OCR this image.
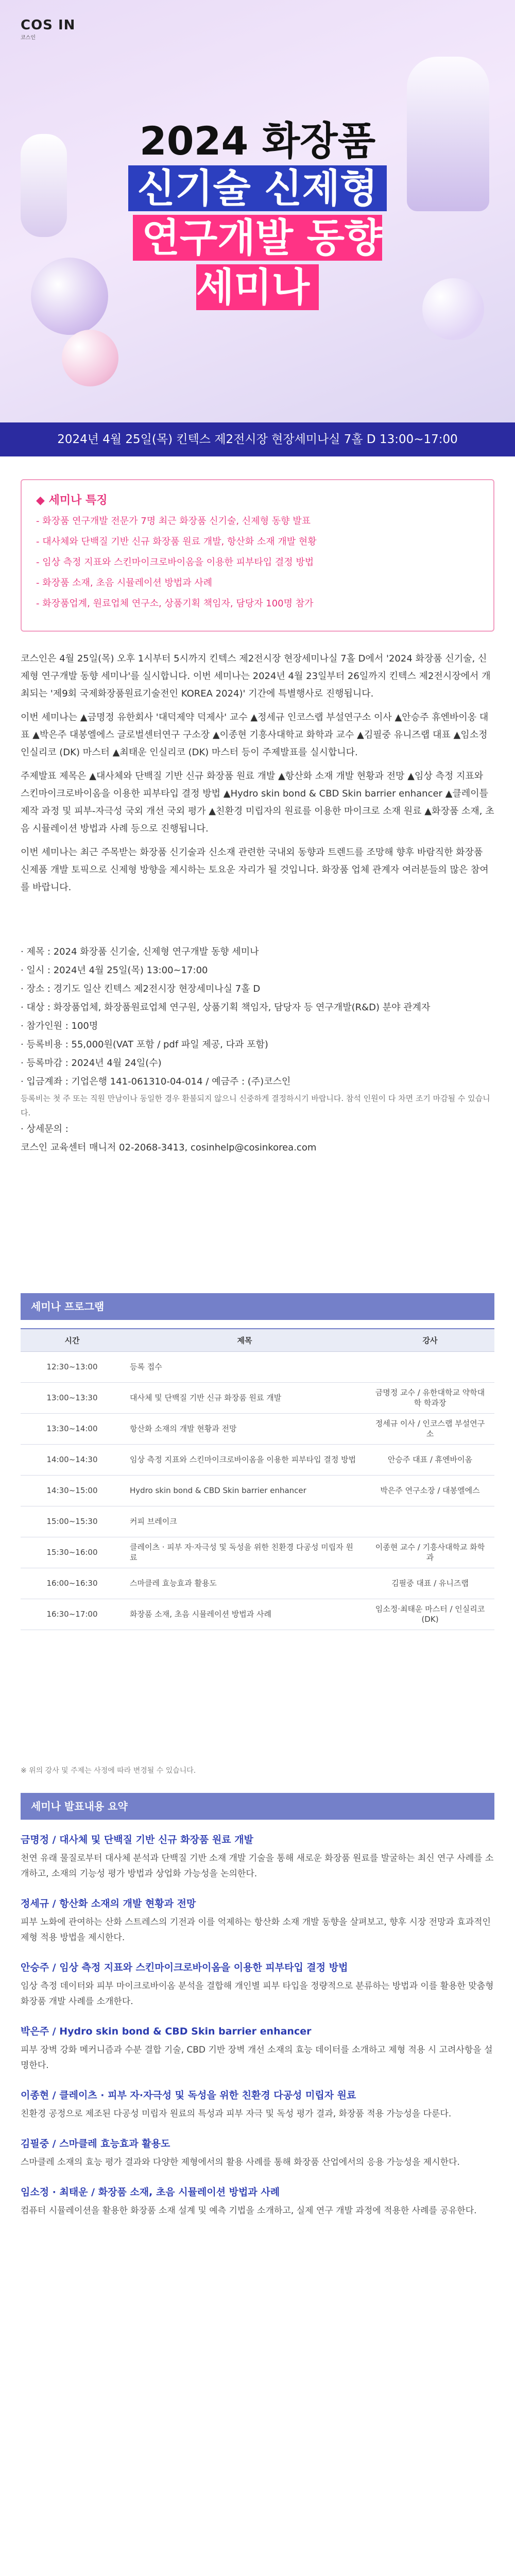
COS IN
코스인
2024 화장품
신기술 신제형
연구개발 동향 세미나
2024년 4월 25일(목) 킨텍스 제2전시장 현장세미나실 7홀 D 13:00~17:00
◆ 세미나 특징
- 화장품 연구개발 전문가 7명 최근 화장품 신기술, 신제형 동향 발표
- 대사체와 단백질 기반 신규 화장품 원료 개발, 항산화 소재 개발 현황
- 임상 측정 지표와 스킨마이크로바이옴을 이용한 피부타입 결정 방법
- 화장품 소재, 초음 시뮬레이션 방법과 사례
- 화장품업계, 원료업체 연구소, 상품기획 책임자, 담당자 100명 참가

코스인은 4월 25일(목) 오후 1시부터 5시까지 킨텍스 제2전시장 현장세미나실 7홀 D에서 '2024 화장품 신기술, 신제형 연구개발 동향 세미나'를 실시합니다. 이번 세미나는 2024년 4월 23일부터 26일까지 킨텍스 제2전시장에서 개최되는 '제9회 국제화장품원료기술전인 KOREA 2024)' 기간에 특별행사로 진행됩니다.

이번 세미나는 ▲금명정 유한회사 '대덕제약 덕제사' 교수 ▲정세규 인코스랩 부설연구소 이사 ▲안승주 휴엔바이옹 대표 ▲박은주 대봉엘에스 글로벌센터연구 구소장 ▲이종현 기흥사대학교 화학과 교수 ▲김필중 유니즈랩 대표 ▲임소정 인실리코 (DK) 마스터 ▲최태운 인실리코 (DK) 마스터 등이 주제발표를 실시합니다.

주제발표 제목은 ▲대사체와 단백질 기반 신규 화장품 원료 개발 ▲항산화 소재 개발 현황과 전망 ▲임상 측정 지표와 스킨마이크로바이옴을 이용한 피부타입 결정 방법 ▲Hydro skin bond & CBD Skin barrier enhancer ▲클레이틀 제작 과정 및 피부-자극성 국외 개선 국외 평가 ▲친환경 미립자의 원료를 이용한 마이크로 소재 원료 ▲화장품 소재, 초음 시뮬레이션 방법과 사례 등으로 진행됩니다.

이번 세미나는 최근 주목받는 화장품 신기술과 신소재 관련한 국내외 동향과 트렌드를 조망해 향후 바람직한 화장품 신제품 개발 토픽으로 신제형 방향을 제시하는 토요운 자리가 될 것입니다. 화장품 업체 관계자 여러분들의 많은 참여를 바랍니다.

· 제목 : 2024 화장품 신기술, 신제형 연구개발 동향 세미나
· 일시 : 2024년 4월 25일(목) 13:00~17:00
· 장소 : 경기도 일산 킨텍스 제2전시장 현장세미나실 7홀 D
· 대상 : 화장품업체, 화장품원료업체 연구원, 상품기획 책임자, 담당자 등 연구개발(R&D) 분야 관계자
· 참가인원 : 100명
· 등록비용 : 55,000원(VAT 포함 / pdf 파일 제공, 다과 포함)
· 등록마감 : 2024년 4월 24일(수)
· 입금계좌 : 기업은행 141-061310-04-014 / 예금주 : (주)코스인
등록비는 첫 주 또는 직원 만남이나 동일한 경우 환불되지 않으니 신중하게 결정하시기 바랍니다. 참석 인원이 다 차면 조기 마감될 수 있습니다.
· 상세문의 :
코스인 교육센터 매니저 02-2068-3413, cosinhelp@cosinkorea.com
세미나 프로그램
시간	제목	강사
12:30~13:00	등록 접수	
13:00~13:30	대사체 및 단백질 기반 신규 화장품 원료 개발	금명정 교수 / 유한대학교 약학대학 학과장
13:30~14:00	항산화 소재의 개발 현황과 전망	정세규 이사 / 인코스랩 부설연구소
14:00~14:30	임상 측정 지표와 스킨마이크로바이옴을 이용한 피부타입 결정 방법	안승주 대표 / 휴엔바이옴
14:30~15:00	Hydro skin bond & CBD Skin barrier enhancer	박은주 연구소장 / 대봉엘에스
15:00~15:30	커피 브레이크	
15:30~16:00	클레이츠 · 피부 자·자극성 및 독성을 위한 친환경 다공성 미립자 원료	이종현 교수 / 기흥사대학교 화학과
16:00~16:30	스마클레 효능효과 활용도	김필중 대표 / 유니즈랩
16:30~17:00	화장품 소재, 초음 시뮬레이션 방법과 사례	임소정·최태운 마스터 / 인실리코 (DK)
※ 위의 강사 및 주제는 사정에 따라 변경될 수 있습니다.
세미나 발표내용 요약
금명정 / 대사체 및 단백질 기반 신규 화장품 원료 개발

천연 유래 물질로부터 대사체 분석과 단백질 기반 소재 개발 기술을 통해 새로운 화장품 원료를 발굴하는 최신 연구 사례를 소개하고, 소재의 기능성 평가 방법과 상업화 가능성을 논의한다.

정세규 / 항산화 소재의 개발 현황과 전망

피부 노화에 관여하는 산화 스트레스의 기전과 이를 억제하는 항산화 소재 개발 동향을 살펴보고, 향후 시장 전망과 효과적인 제형 적용 방법을 제시한다.

안승주 / 임상 측정 지표와 스킨마이크로바이옴을 이용한 피부타입 결정 방법

임상 측정 데이터와 피부 마이크로바이옴 분석을 결합해 개인별 피부 타입을 정량적으로 분류하는 방법과 이를 활용한 맞춤형 화장품 개발 사례를 소개한다.

박은주 / Hydro skin bond & CBD Skin barrier enhancer

피부 장벽 강화 메커니즘과 수분 결합 기술, CBD 기반 장벽 개선 소재의 효능 데이터를 소개하고 제형 적용 시 고려사항을 설명한다.

이종현 / 클레이츠 · 피부 자·자극성 및 독성을 위한 친환경 다공성 미립자 원료

친환경 공정으로 제조된 다공성 미립자 원료의 특성과 피부 자극 및 독성 평가 결과, 화장품 적용 가능성을 다룬다.

김필중 / 스마클레 효능효과 활용도

스마클레 소재의 효능 평가 결과와 다양한 제형에서의 활용 사례를 통해 화장품 산업에서의 응용 가능성을 제시한다.

임소정 · 최태운 / 화장품 소재, 초음 시뮬레이션 방법과 사례

컴퓨터 시뮬레이션을 활용한 화장품 소재 설계 및 예측 기법을 소개하고, 실제 연구 개발 과정에 적용한 사례를 공유한다.
